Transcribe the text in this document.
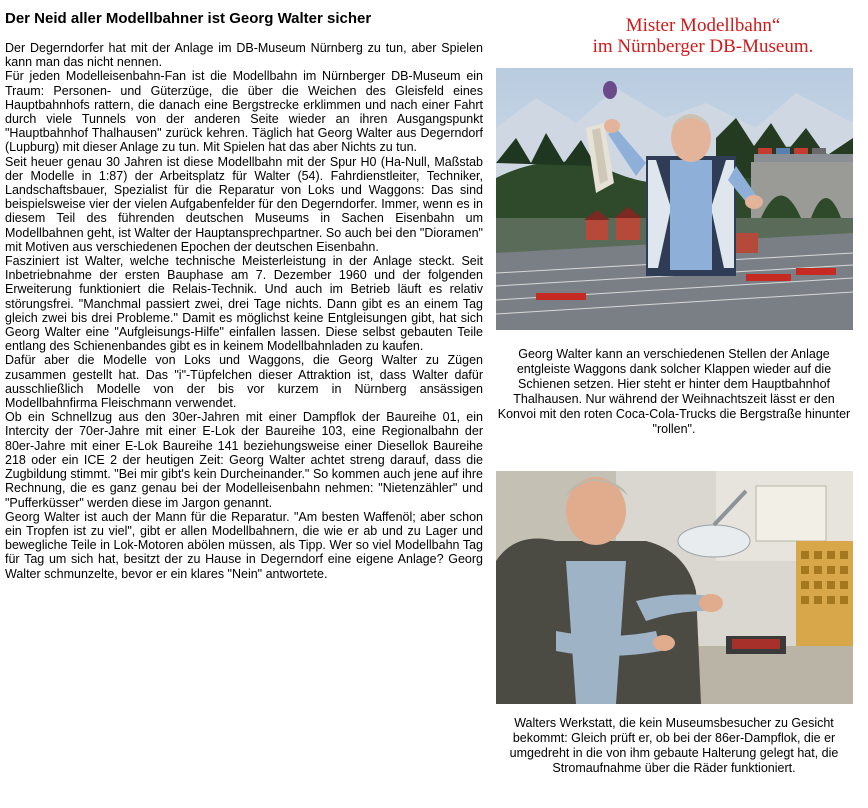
Der Neid aller Modellbahner ist Georg Walter sicher

Der Degerndorfer hat mit der Anlage im DB-Museum Nürnberg zu tun, aber Spielen kann man das nicht nennen.

Für jeden Modelleisenbahn-Fan ist die Modellbahn im Nürnberger DB-Museum ein Traum: Personen- und Güterzüge, die über die Weichen des Gleisfeld eines Hauptbahnhofs rattern, die danach eine Bergstrecke erklimmen und nach einer Fahrt durch viele Tunnels von der anderen Seite wieder an ihren Ausgangspunkt "Hauptbahnhof Thalhausen" zurück kehren. Täglich hat Georg Walter aus Degerndorf (Lupburg) mit dieser Anlage zu tun. Mit Spielen hat das aber Nichts zu tun.

Seit heuer genau 30 Jahren ist diese Modellbahn mit der Spur H0 (Ha-Null, Maßstab der Modelle in 1:87) der Arbeitsplatz für Walter (54). Fahrdienstleiter, Techniker, Landschaftsbauer, Spezialist für die Reparatur von Loks und Waggons: Das sind beispielsweise vier der vielen Aufgabenfelder für den Degerndorfer. Immer, wenn es in diesem Teil des führenden deutschen Museums in Sachen Eisenbahn um Modellbahnen geht, ist Walter der Hauptansprechpartner. So auch bei den "Dioramen" mit Motiven aus verschiedenen Epochen der deutschen Eisenbahn.

Fasziniert ist Walter, welche technische Meisterleistung in der Anlage steckt. Seit Inbetriebnahme der ersten Bauphase am 7. Dezember 1960 und der folgenden Erweiterung funktioniert die Relais-Technik. Und auch im Betrieb läuft es relativ störungsfrei. "Manchmal passiert zwei, drei Tage nichts. Dann gibt es an einem Tag gleich zwei bis drei Probleme." Damit es möglichst keine Entgleisungen gibt, hat sich Georg Walter eine "Aufgleisungs-Hilfe" einfallen lassen. Diese selbst gebauten Teile entlang des Schienenbandes gibt es in keinem Modellbahnladen zu kaufen.

Dafür aber die Modelle von Loks und Waggons, die Georg Walter zu Zügen zusammen gestellt hat. Das "i"-Tüpfelchen dieser Attraktion ist, dass Walter dafür ausschließlich Modelle von der bis vor kurzem in Nürnberg ansässigen Modellbahnfirma Fleischmann verwendet.

Ob ein Schnellzug aus den 30er-Jahren mit einer Dampflok der Baureihe 01, ein Intercity der 70er-Jahre mit einer E-Lok der Baureihe 103, eine Regionalbahn der 80er-Jahre mit einer E-Lok Baureihe 141 beziehungsweise einer Diesellok Baureihe 218 oder ein ICE 2 der heutigen Zeit: Georg Walter achtet streng darauf, dass die Zugbildung stimmt. "Bei mir gibt's kein Durcheinander." So kommen auch jene auf ihre Rechnung, die es ganz genau bei der Modelleisenbahn nehmen: "Nietenzähler" und "Pufferküsser" werden diese im Jargon genannt.

Georg Walter ist auch der Mann für die Reparatur. "Am besten Waffenöl; aber schon ein Tropfen ist zu viel", gibt er allen Modellbahnern, die wie er ab und zu Lager und bewegliche Teile in Lok-Motoren abölen müssen, als Tipp. Wer so viel Modellbahn Tag für Tag um sich hat, besitzt der zu Hause in Degerndorf eine eigene Anlage? Georg Walter schmunzelte, bevor er ein klares "Nein" antwortete.

Mister Modellbahn“
im Nürnberger DB-Museum.
Georg Walter kann an verschiedenen Stellen der Anlage entgleiste Waggons dank solcher Klappen wieder auf die Schienen setzen. Hier steht er hinter dem Hauptbahnhof Thalhausen. Nur während der Weihnachtszeit lässt er den Konvoi mit den roten Coca-Cola-Trucks die Bergstraße hinunter "rollen".
Walters Werkstatt, die kein Museumsbesucher zu Gesicht bekommt: Gleich prüft er, ob bei der 86er-Dampflok, die er umgedreht in die von ihm gebaute Halterung gelegt hat, die Stromaufnahme über die Räder funktioniert.
